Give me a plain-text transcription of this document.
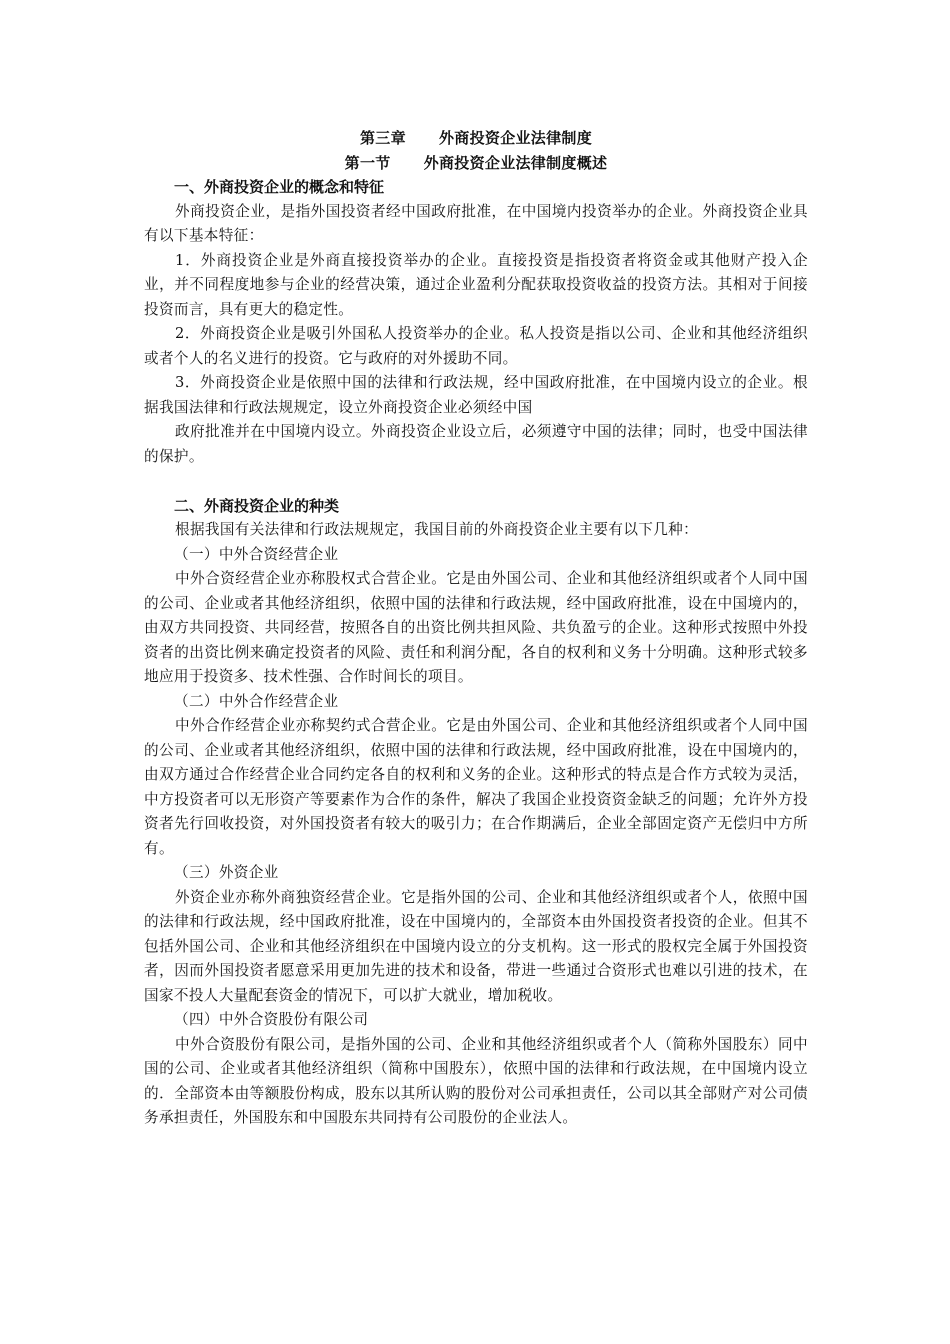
第三章      外商投资企业法律制度
第一节      外商投资企业法律制度概述
一、外商投资企业的概念和特征

外商投资企业，是指外国投资者经中国政府批准，在中国境内投资举办的企业。外商投资企业具有以下基本特征：

1．外商投资企业是外商直接投资举办的企业。直接投资是指投资者将资金或其他财产投入企业，并不同程度地参与企业的经营决策，通过企业盈利分配获取投资收益的投资方法。其相对于间接投资而言，具有更大的稳定性。

2．外商投资企业是吸引外国私人投资举办的企业。私人投资是指以公司、企业和其他经济组织或者个人的名义进行的投资。它与政府的对外援助不同。

3．外商投资企业是依照中国的法律和行政法规，经中国政府批准，在中国境内设立的企业。根据我国法律和行政法规规定，设立外商投资企业必须经中国

政府批准并在中国境内设立。外商投资企业设立后，必须遵守中国的法律；同时，也受中国法律的保护。

二、外商投资企业的种类

根据我国有关法律和行政法规规定，我国目前的外商投资企业主要有以下几种：

（一）中外合资经营企业

中外合资经营企业亦称股权式合营企业。它是由外国公司、企业和其他经济组织或者个人同中国的公司、企业或者其他经济组织，依照中国的法律和行政法规，经中国政府批准，设在中国境内的，由双方共同投资、共同经营，按照各自的出资比例共担风险、共负盈亏的企业。这种形式按照中外投资者的出资比例来确定投资者的风险、责任和利润分配，各自的权利和义务十分明确。这种形式较多地应用于投资多、技术性强、合作时间长的项目。

（二）中外合作经营企业

中外合作经营企业亦称契约式合营企业。它是由外国公司、企业和其他经济组织或者个人同中国的公司、企业或者其他经济组织，依照中国的法律和行政法规，经中国政府批准，设在中国境内的，由双方通过合作经营企业合同约定各自的权利和义务的企业。这种形式的特点是合作方式较为灵活，中方投资者可以无形资产等要素作为合作的条件，解决了我国企业投资资金缺乏的问题；允许外方投资者先行回收投资，对外国投资者有较大的吸引力；在合作期满后，企业全部固定资产无偿归中方所有。

（三）外资企业

外资企业亦称外商独资经营企业。它是指外国的公司、企业和其他经济组织或者个人，依照中国的法律和行政法规，经中国政府批准，设在中国境内的，全部资本由外国投资者投资的企业。但其不包括外国公司、企业和其他经济组织在中国境内设立的分支机构。这一形式的股权完全属于外国投资者，因而外国投资者愿意采用更加先进的技术和设备，带进一些通过合资形式也难以引进的技术，在国家不投人大量配套资金的情况下，可以扩大就业，增加税收。

（四）中外合资股份有限公司

中外合资股份有限公司，是指外国的公司、企业和其他经济组织或者个人（简称外国股东）同中国的公司、企业或者其他经济组织（简称中国股东），依照中国的法律和行政法规，在中国境内设立的．全部资本由等额股份构成，股东以其所认购的股份对公司承担责任，公司以其全部财产对公司债务承担责任，外国股东和中国股东共同持有公司股份的企业法人。
